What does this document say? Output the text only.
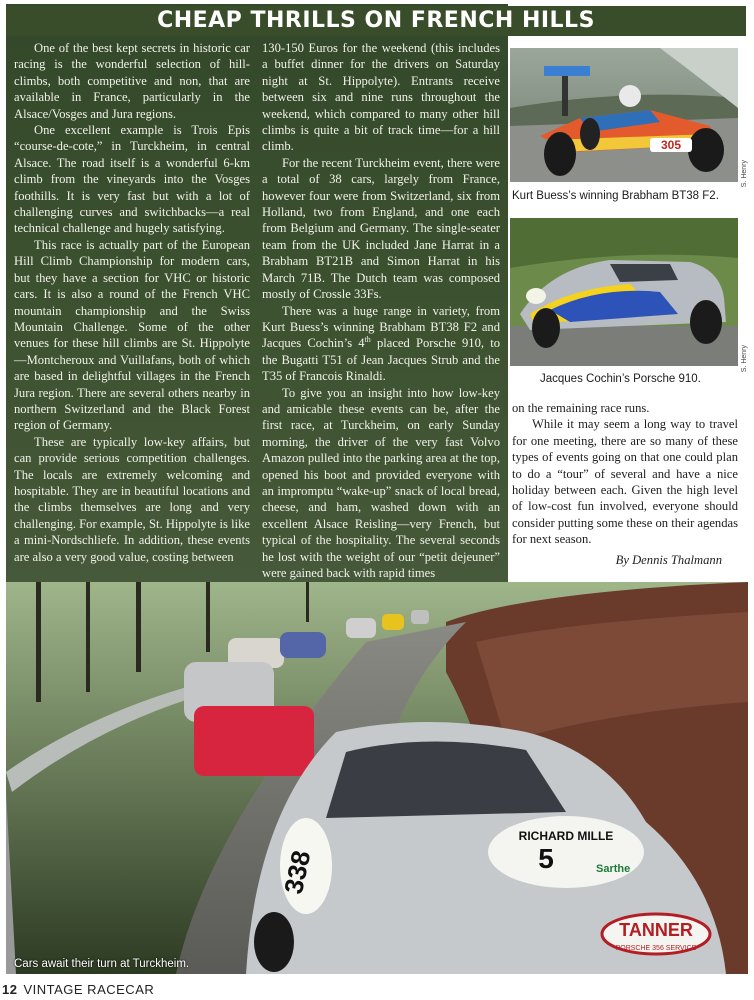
CHEAP THRILLS ON FRENCH HILLS

One of the best kept secrets in historic car racing is the wonderful selection of hill-climbs, both competitive and non, that are available in France, particularly in the Alsace/Vosges and Jura regions.

One excellent example is Trois Epis “course-de-cote,” in Turckheim, in central Alsace. The road itself is a wonderful 6-km climb from the vineyards into the Vosges foothills. It is very fast but with a lot of challenging curves and switchbacks—a real technical challenge and hugely satisfying.

This race is actually part of the European Hill Climb Championship for modern cars, but they have a section for VHC or historic cars. It is also a round of the French VHC mountain championship and the Swiss Mountain Challenge. Some of the other venues for these hill climbs are St. Hippolyte—Montcheroux and Vuillafans, both of which are based in delightful villages in the French Jura region. There are several others nearby in northern Switzerland and the Black Forest region of Germany.

These are typically low-key affairs, but can provide serious competition challenges. The locals are extremely welcoming and hospitable. They are in beautiful locations and the climbs themselves are long and very challenging. For example, St. Hippolyte is like a mini-Nordschliefe. In addition, these events are also a very good value, costing between

130-150 Euros for the weekend (this includes a buffet dinner for the drivers on Saturday night at St. Hippolyte). Entrants receive between six and nine runs throughout the weekend, which compared to many other hill climbs is quite a bit of track time—for a hill climb.

For the recent Turckheim event, there were a total of 38 cars, largely from France, however four were from Switzerland, six from Holland, two from England, and one each from Belgium and Germany. The single-seater team from the UK included Jane Harrat in a Brabham BT21B and Simon Harrat in his March 71B. The Dutch team was composed mostly of Crossle 33Fs.

There was a huge range in variety, from Kurt Buess’s winning Brabham BT38 F2 and Jacques Cochin’s 4th placed Porsche 910, to the Bugatti T51 of Jean Jacques Strub and the T35 of Francois Rinaldi.

To give you an insight into how low-key and amicable these events can be, after the first race, at Turckheim, on early Sunday morning, the driver of the very fast Volvo Amazon pulled into the parking area at the top, opened his boot and provided everyone with an impromptu “wake-up” snack of local bread, cheese, and ham, washed down with an excellent Alsace Reisling—very French, but typical of the hospitality. The several seconds he lost with the weight of our “petit dejeuner” were gained back with rapid times

305
Kurt Buess’s winning Brabham BT38 F2.
S. Henry
Jacques Cochin’s Porsche 910.
S. Henry

on the remaining race runs.

While it may seem a long way to travel for one meeting, there are so many of these types of events going on that one could plan to do a “tour” of several and have a nice holiday between each. Given the high level of low-cost fun involved, everyone should consider putting some these on their agendas for next season.

By Dennis Thalmann
RICHARD MILLE
5	Sarthe
338
TANNER
PORSCHE 356 SERVICE
Cars await their turn at Turckheim.
12 VINTAGE RACECAR
